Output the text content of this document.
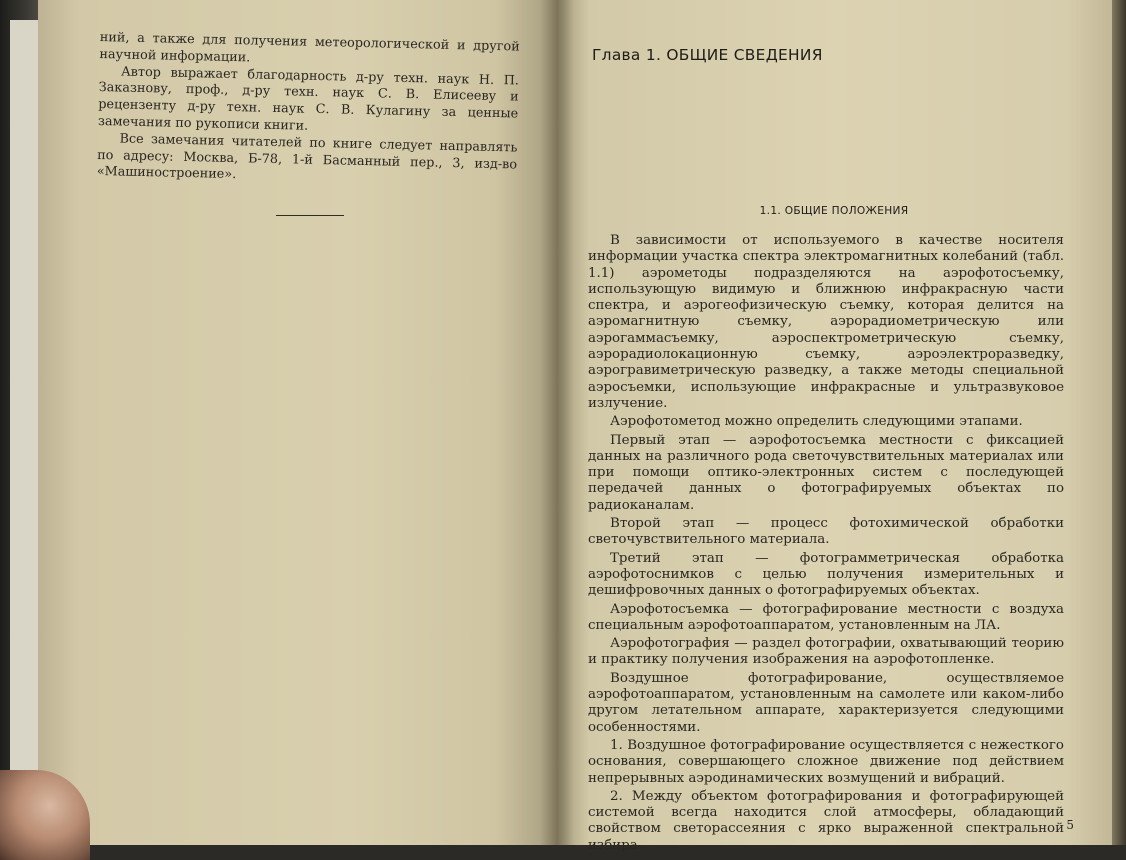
ний, а также для получения метеорологической и другой научной информации.

Автор выражает благодарность д-ру техн. наук Н. П. Заказнову, проф., д-ру техн. наук С. В. Елисееву и рецензенту д-ру техн. наук С. В. Кулагину за ценные замечания по рукописи книги.

Все замечания читателей по книге следует направлять по адресу: Москва, Б-78, 1-й Басманный пер., 3, изд-во «Машиностроение».

Глава 1. ОБЩИЕ СВЕДЕНИЯ
1.1. ОБЩИЕ ПОЛОЖЕНИЯ

В зависимости от используемого в качестве носителя информации участка спектра электромагнитных колебаний (табл. 1.1) аэрометоды подразделяются на аэрофотосъемку, использующую видимую и ближнюю инфракрасную части спектра, и аэрогеофизическую съемку, которая делится на аэромагнитную съемку, аэрорадиометрическую или аэрогаммасъемку, аэроспектрометрическую съемку, аэрорадиолокационную съемку, аэроэлектроразведку, аэрогравиметрическую разведку, а также методы специальной аэросъемки, использующие инфракрасные и ультразвуковое излучение.

Аэрофотометод можно определить следующими этапами.

Первый этап — аэрофотосъемка местности с фиксацией данных на различного рода светочувствительных материалах или при помощи оптико-электронных систем с последующей передачей данных о фотографируемых объектах по радиоканалам.

Второй этап — процесс фотохимической обработки светочувствительного материала.

Третий этап — фотограмметрическая обработка аэрофотоснимков с целью получения измерительных и дешифровочных данных о фотографируемых объектах.

Аэрофотосъемка — фотографирование местности с воздуха специальным аэрофотоаппаратом, установленным на ЛА.

Аэрофотография — раздел фотографии, охватывающий теорию и практику получения изображения на аэрофотопленке.

Воздушное фотографирование, осуществляемое аэрофотоаппаратом, установленным на самолете или каком-либо другом летательном аппарате, характеризуется следующими особенностями.

1. Воздушное фотографирование осуществляется с нежесткого основания, совершающего сложное движение под действием непрерывных аэродинамических возмущений и вибраций.

2. Между объектом фотографирования и фотографирующей системой всегда находится слой атмосферы, обладающий свойством светорассеяния с ярко выраженной спектральной избира-

5
